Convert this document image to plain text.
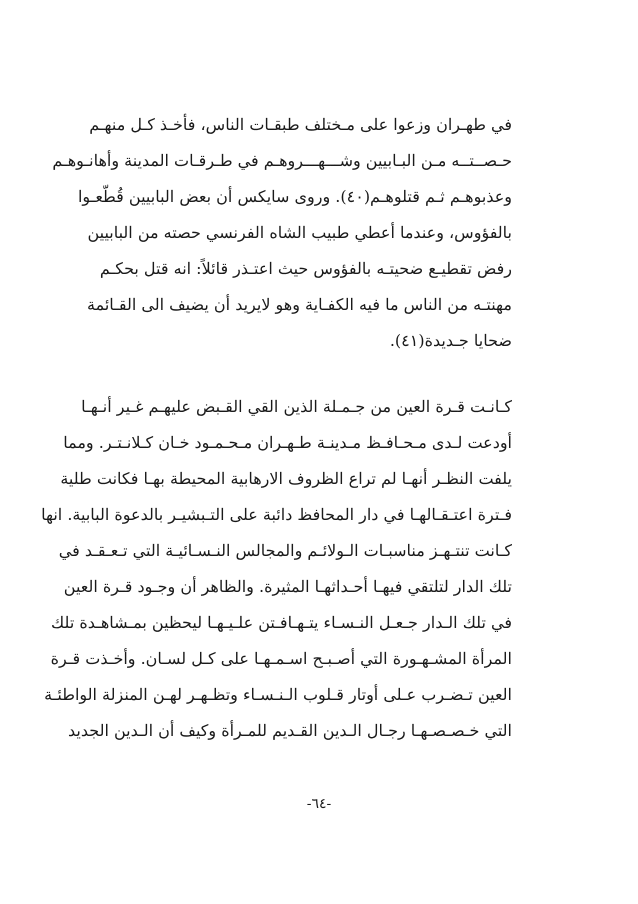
في طهـران وزعوا على مـختلف طبقـات الناس، فأخـذ كـل منهـم
حـصــتــه مـن البـابيين وشـــهـــروهـم في طـرقـات المدينة وأهانـوهـم
وعذبوهـم ثـم قتلوهـم(٤٠). وروى سايكس أن بعض البابيين قُطّعـوا
بالفؤوس، وعندما أعطي طبيب الشاه الفرنسي حصته من البابيين
رفض تقطيـع ضحيتـه بالفؤوس حيث اعتـذر قائلاً: انه قتل بحكـم
مهنتـه من الناس ما فيه الكفـاية وهو لايريد أن يضيف الى القـائمة
ضحايا جـديدة(٤١).
كـانـت قـرة العين من جـمـلة الذين القي القـبض عليهـم غـير أنـهـا
أودعت لـدى مـحـافـظ مـدينـة طـهـران مـحـمـود خـان كـلانـتـر. ومما
يلفت النظـر أنهـا لم تراع الظروف الارهابية المحيطة بهـا فكانت طلية
فـترة اعتـقـالهـا في دار المحافظ دائبة على التـبشيـر بالدعوة البابية. انها
كـانت تنتـهـز مناسبـات الـولائـم والمجالس النـسـائيـة التي تـعـقـد في
تلك الدار لتلتقي فيهـا أحـداثهـا المثيرة. والظاهر أن وجـود قـرة العين
في تلك الـدار جـعـل النـسـاء يتـهـافـتن علـيـهـا ليحظين بمـشاهـدة تلك
المرأة المشـهـورة التي أصـبـح اسـمـهـا على كـل لسـان. وأخـذت قـرة
العين تـضـرب عـلى أوتار قـلوب الـنـسـاء وتظـهـر لهـن المنزلة الواطئـة
التي خـصـصـهـا رجـال الـدين القـديم للمـرأة وكيف أن الـدين الجديد
-٦٤-
